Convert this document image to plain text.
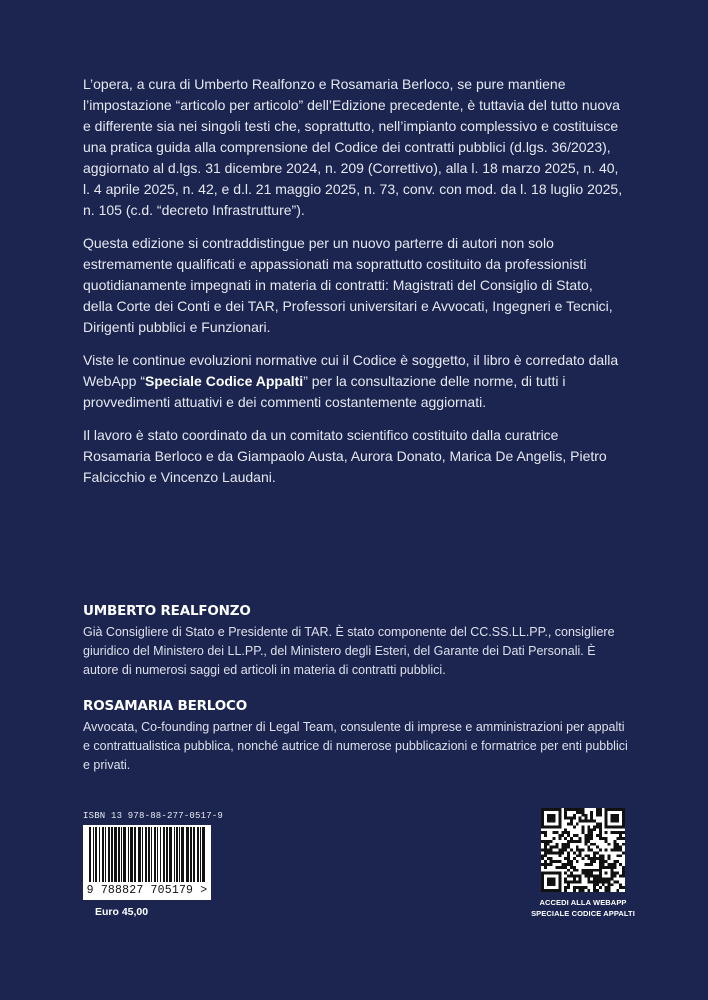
L’opera, a cura di Umberto Realfonzo e Rosamaria Berloco, se pure mantiene l’impostazione “articolo per articolo” dell’Edizione precedente, è tuttavia del tutto nuova e differente sia nei singoli testi che, soprattutto, nell’impianto complessivo e costituisce una pratica guida alla comprensione del Codice dei contratti pubblici (d.lgs. 36/2023), aggiornato al d.lgs. 31 dicembre 2024, n. 209 (Correttivo), alla l. 18 marzo 2025, n. 40, l. 4 aprile 2025, n. 42, e d.l. 21 maggio 2025, n. 73, conv. con mod. da l. 18 luglio 2025, n. 105 (c.d. “decreto Infrastrutture”).

Questa edizione si contraddistingue per un nuovo parterre di autori non solo estremamente qualificati e appassionati ma soprattutto costituito da professionisti quotidianamente impegnati in materia di contratti: Magistrati del Consiglio di Stato, della Corte dei Conti e dei TAR, Professori universitari e Avvocati, Ingegneri e Tecnici, Dirigenti pubblici e Funzionari.

Viste le continue evoluzioni normative cui il Codice è soggetto, il libro è corredato dalla WebApp “Speciale Codice Appalti” per la consultazione delle norme, di tutti i provvedimenti attuativi e dei commenti costantemente aggiornati.

Il lavoro è stato coordinato da un comitato scientifico costituito dalla curatrice Rosamaria Berloco e da Giampaolo Austa, Aurora Donato, Marica De Angelis, Pietro Falcicchio e Vincenzo Laudani.

UMBERTO REALFONZO
Già Consigliere di Stato e Presidente di TAR. È stato componente del CC.SS.LL.PP., consigliere giuridico del Ministero dei LL.PP., del Ministero degli Esteri, del Garante dei Dati Personali. È autore di numerosi saggi ed articoli in materia di contratti pubblici.
ROSAMARIA BERLOCO
Avvocata, Co-founding partner di Legal Team, consulente di imprese e amministrazioni per appalti e contrattualistica pubblica, nonché autrice di numerose pubblicazioni e formatrice per enti pubblici e privati.
ISBN 13 978-88-277-0517-9
9 788827 705179 >
Euro 45,00
ACCEDI ALLA WEBAPP
SPECIALE CODICE APPALTI
